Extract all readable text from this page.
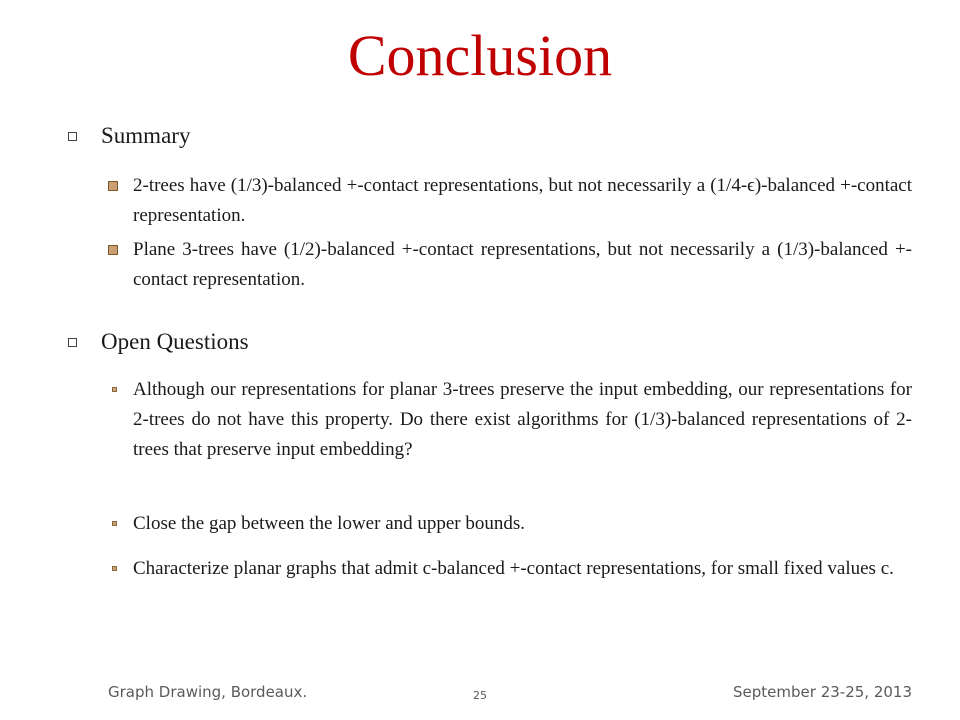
Conclusion
Summary
2-trees have (1/3)-balanced +-contact representations, but not necessarily a (1/4-ϵ)-balanced +-contact representation.
Plane 3-trees have (1/2)-balanced +-contact representations, but not necessarily a (1/3)-balanced +-contact representation.
Open Questions
Although our representations for planar 3-trees preserve the input embedding, our representations for 2-trees do not have this property. Do there exist algorithms for (1/3)-balanced representations of 2-trees that preserve input embedding?
Close the gap between the lower and upper bounds.
Characterize planar graphs that admit c-balanced +-contact representations, for small fixed values c.
Graph Drawing, Bordeaux.	25	September 23-25, 2013
